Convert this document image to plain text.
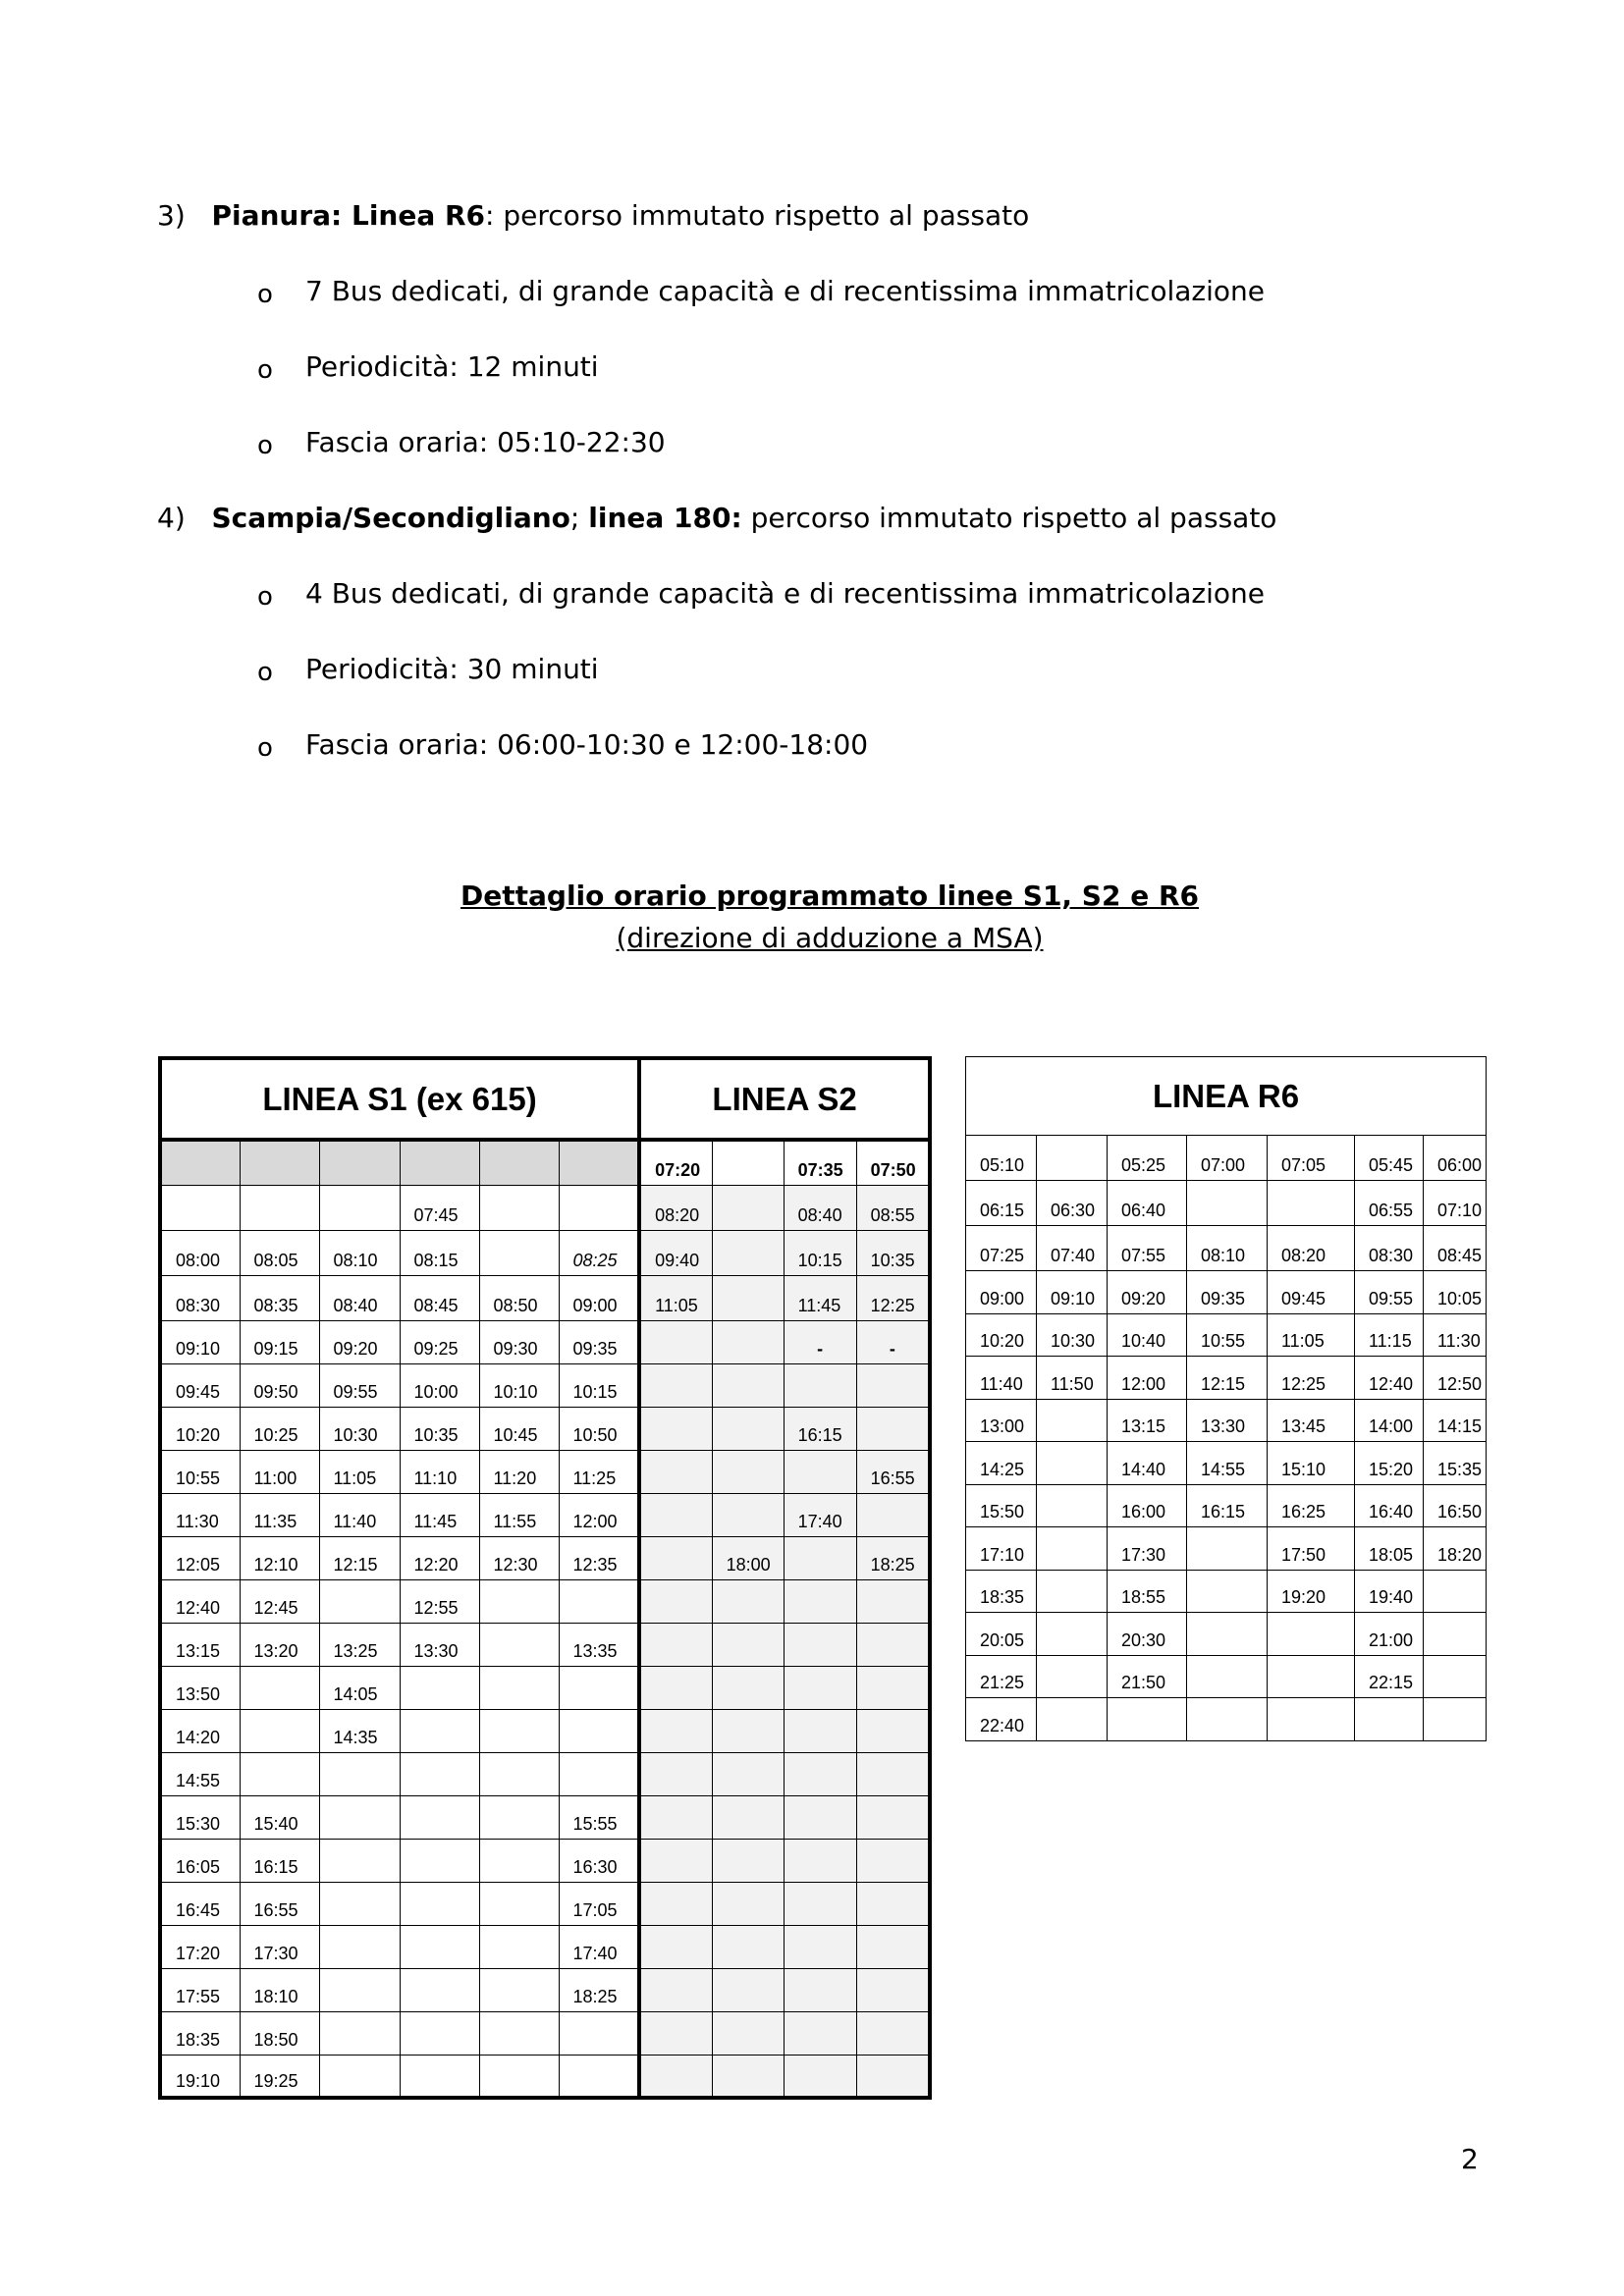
3) Pianura: Linea R6: percorso immutato rispetto al passato
o 7 Bus dedicati, di grande capacità e di recentissima immatricolazione
o Periodicità: 12 minuti
o Fascia oraria: 05:10-22:30
4) Scampia/Secondigliano; linea 180: percorso immutato rispetto al passato
o 4 Bus dedicati, di grande capacità e di recentissima immatricolazione
o Periodicità: 30 minuti
o Fascia oraria: 06:00-10:30 e 12:00-18:00
Dettaglio orario programmato linee S1, S2 e R6
(direzione di adduzione a MSA)
LINEA S1 (ex 615)						LINEA S2			
						07:20		07:35	07:50
			07:45			08:20		08:40	08:55
08:00	08:05	08:10	08:15		08:25	09:40		10:15	10:35
08:30	08:35	08:40	08:45	08:50	09:00	11:05		11:45	12:25
09:10	09:15	09:20	09:25	09:30	09:35			-	-
09:45	09:50	09:55	10:00	10:10	10:15				
10:20	10:25	10:30	10:35	10:45	10:50			16:15	
10:55	11:00	11:05	11:10	11:20	11:25				16:55
11:30	11:35	11:40	11:45	11:55	12:00			17:40	
12:05	12:10	12:15	12:20	12:30	12:35		18:00		18:25
12:40	12:45		12:55						
13:15	13:20	13:25	13:30		13:35				
13:50		14:05							
14:20		14:35							
14:55									
15:30	15:40				15:55				
16:05	16:15				16:30				
16:45	16:55				17:05				
17:20	17:30				17:40				
17:55	18:10				18:25				
18:35	18:50								
19:10	19:25								
LINEA R6						
05:10		05:25	07:00	07:05	05:45	06:00
06:15	06:30	06:40			06:55	07:10
07:25	07:40	07:55	08:10	08:20	08:30	08:45
09:00	09:10	09:20	09:35	09:45	09:55	10:05
10:20	10:30	10:40	10:55	11:05	11:15	11:30
11:40	11:50	12:00	12:15	12:25	12:40	12:50
13:00		13:15	13:30	13:45	14:00	14:15
14:25		14:40	14:55	15:10	15:20	15:35
15:50		16:00	16:15	16:25	16:40	16:50
17:10		17:30		17:50	18:05	18:20
18:35		18:55		19:20	19:40	
20:05		20:30			21:00	
21:25		21:50			22:15	
22:40						
2
